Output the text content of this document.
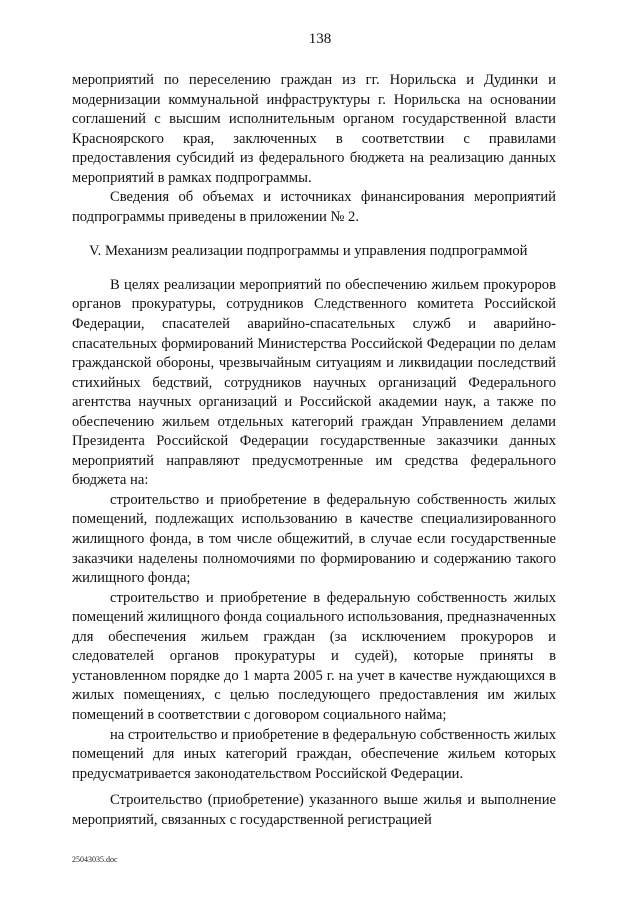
138

мероприятий по переселению граждан из гг. Норильска и Дудинки и модернизации коммунальной инфраструктуры г. Норильска на основании соглашений с высшим исполнительным органом государственной власти Красноярского края, заключенных в соответствии с правилами предоставления субсидий из федерального бюджета на реализацию данных мероприятий в рамках подпрограммы.

Сведения об объемах и источниках финансирования мероприятий подпрограммы приведены в приложении № 2.

V. Механизм реализации подпрограммы и управления подпрограммой

В целях реализации мероприятий по обеспечению жильем прокуроров органов прокуратуры, сотрудников Следственного комитета Российской Федерации, спасателей аварийно-спасательных служб и аварийно-спасательных формирований Министерства Российской Федерации по делам гражданской обороны, чрезвычайным ситуациям и ликвидации последствий стихийных бедствий, сотрудников научных организаций Федерального агентства научных организаций и Российской академии наук, а также по обеспечению жильем отдельных категорий граждан Управлением делами Президента Российской Федерации государственные заказчики данных мероприятий направляют предусмотренные им средства федерального бюджета на:

строительство и приобретение в федеральную собственность жилых помещений, подлежащих использованию в качестве специализированного жилищного фонда, в том числе общежитий, в случае если государственные заказчики наделены полномочиями по формированию и содержанию такого жилищного фонда;

строительство и приобретение в федеральную собственность жилых помещений жилищного фонда социального использования, предназначенных для обеспечения жильем граждан (за исключением прокуроров и следователей органов прокуратуры и судей), которые приняты в установленном порядке до 1 марта 2005 г. на учет в качестве нуждающихся в жилых помещениях, с целью последующего предоставления им жилых помещений в соответствии с договором социального найма;

на строительство и приобретение в федеральную собственность жилых помещений для иных категорий граждан, обеспечение жильем которых предусматривается законодательством Российской Федерации.

Строительство (приобретение) указанного выше жилья и выполнение мероприятий, связанных с государственной регистрацией

25043035.doc
